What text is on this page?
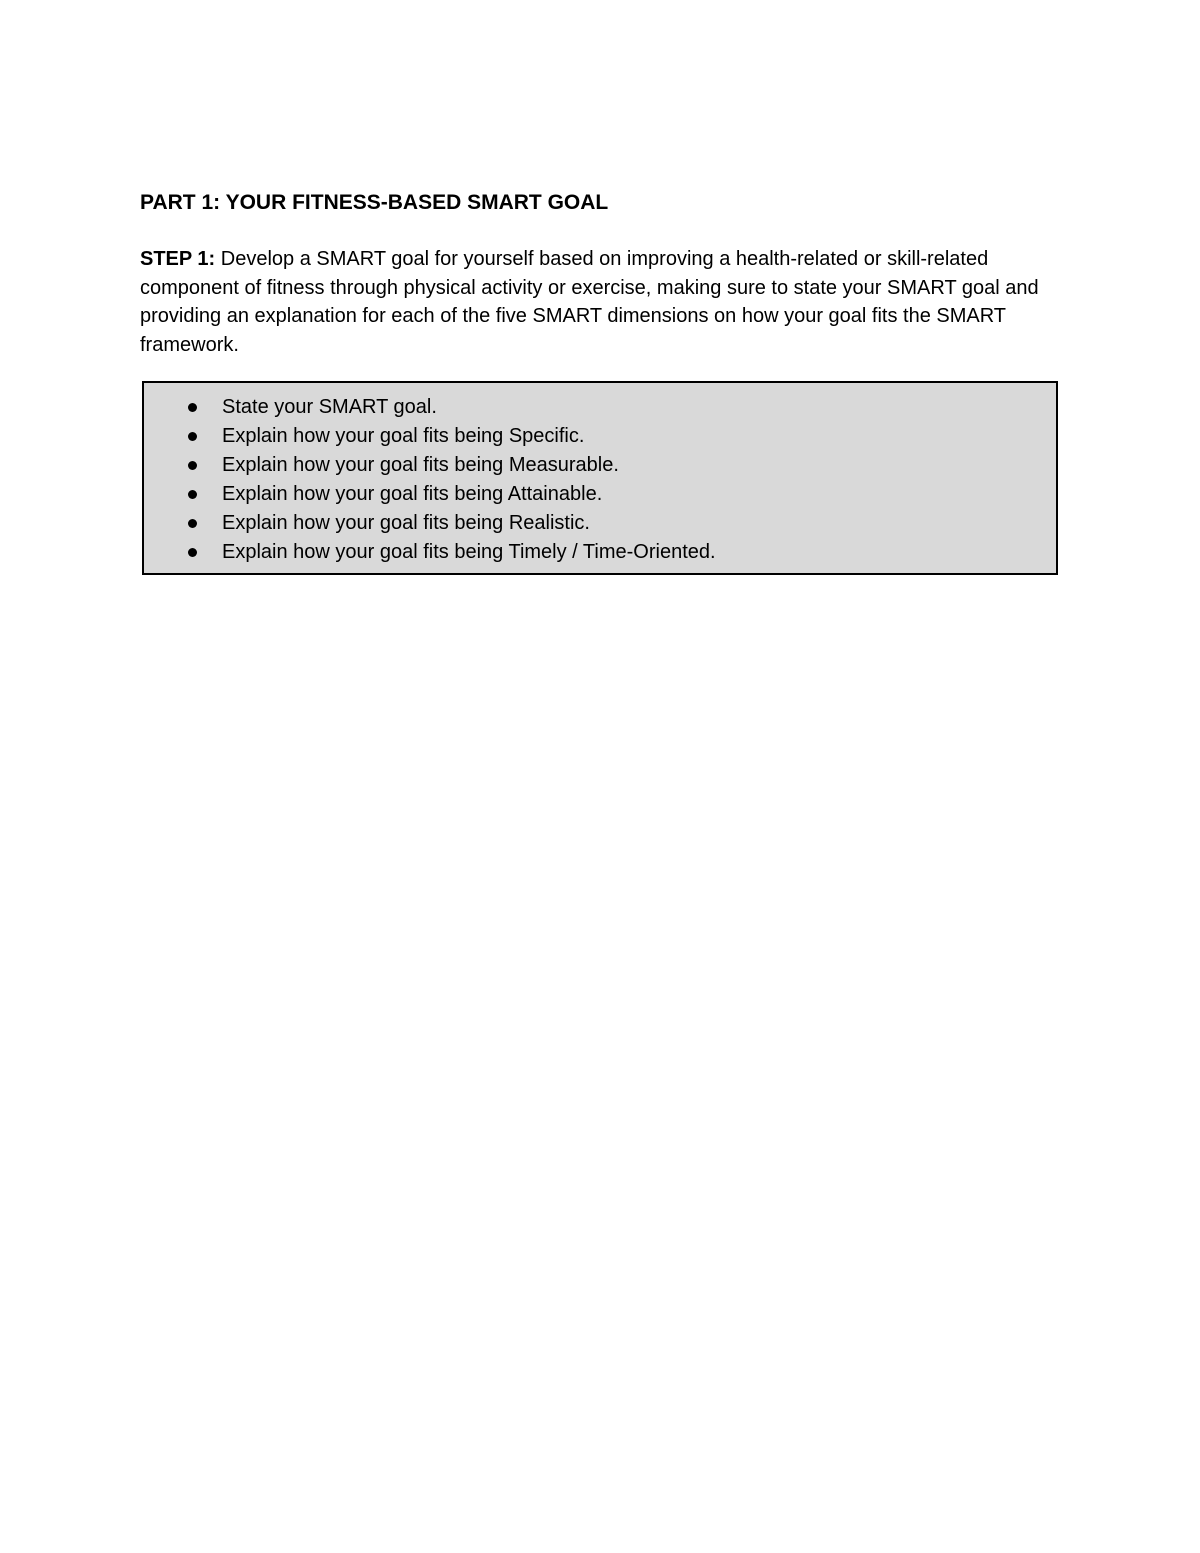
PART 1: YOUR FITNESS-BASED SMART GOAL

STEP 1: Develop a SMART goal for yourself based on improving a health-related or skill-related component of fitness through physical activity or exercise, making sure to state your SMART goal and providing an explanation for each of the five SMART dimensions on how your goal fits the SMART framework.

State your SMART goal.
Explain how your goal fits being Specific.
Explain how your goal fits being Measurable.
Explain how your goal fits being Attainable.
Explain how your goal fits being Realistic.
Explain how your goal fits being Timely / Time-Oriented.
